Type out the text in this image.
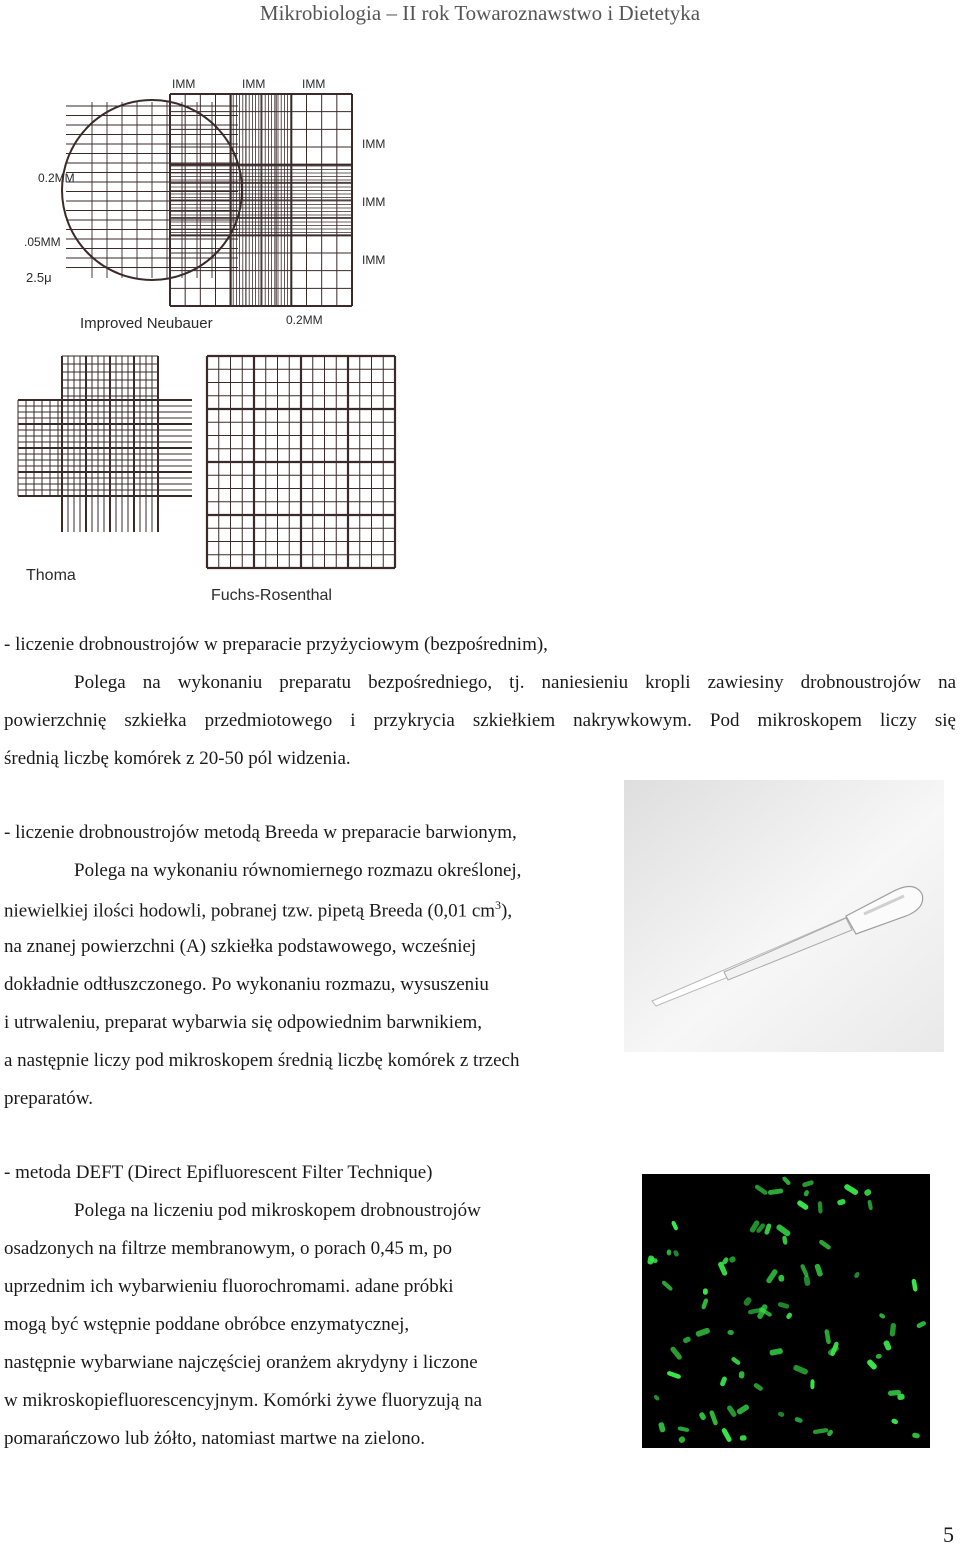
Mikrobiologia – II rok Towaroznawstwo i Dietetyka
IMM	IMM	IMM
IMM
IMM
IMM
0.2MM
.05MM
2.5μ
0.2MM
Improved Neubauer
Thoma
Fuchs-Rosenthal
- liczenie drobnoustrojów w preparacie przyżyciowym (bezpośrednim),
Polega na wykonaniu preparatu bezpośredniego, tj. naniesieniu kropli zawiesiny drobnoustrojów na
powierzchnię szkiełka przedmiotowego i przykrycia szkiełkiem nakrywkowym. Pod mikroskopem liczy się
średnią liczbę komórek z 20-50 pól widzenia.
- liczenie drobnoustrojów metodą Breeda w preparacie barwionym,
Polega na wykonaniu równomiernego rozmazu określonej,
niewielkiej ilości hodowli, pobranej tzw. pipetą Breeda (0,01 $cm^3$),
na znanej powierzchni (A) szkiełka podstawowego, wcześniej
dokładnie odtłuszczonego. Po wykonaniu rozmazu, wysuszeniu
i utrwaleniu, preparat wybarwia się odpowiednim barwnikiem,
a następnie liczy pod mikroskopem średnią liczbę komórek z trzech
preparatów.
- metoda DEFT (Direct Epifluorescent Filter Technique)
Polega na liczeniu pod mikroskopem drobnoustrojów
osadzonych na filtrze membranowym, o porach 0,45 m, po
uprzednim ich wybarwieniu fluorochromami. adane próbki
mogą być wstępnie poddane obróbce enzymatycznej,
następnie wybarwiane najczęściej oranżem akrydyny i liczone
w mikroskopiefluorescencyjnym. Komórki żywe fluoryzują na
pomarańczowo lub żółto, natomiast martwe na zielono.
5
